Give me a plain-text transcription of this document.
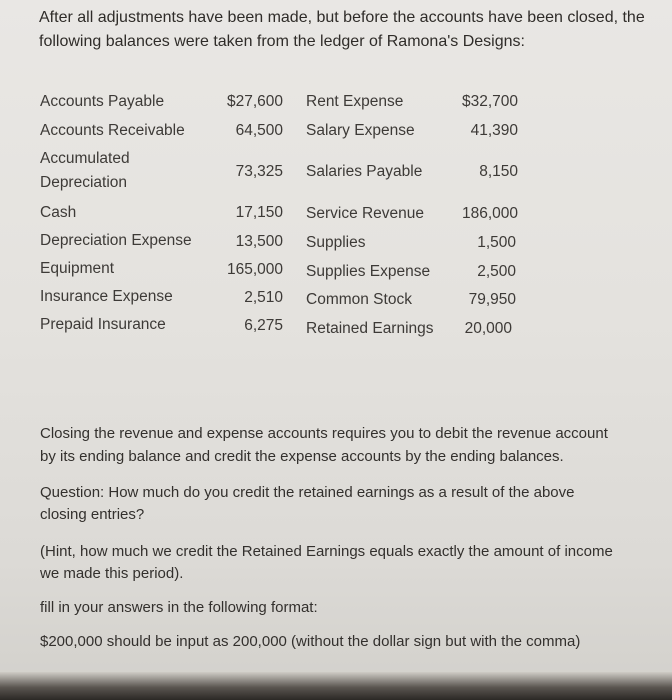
After all adjustments have been made, but before the accounts have been closed, the
following balances were taken from the ledger of Ramona's Designs:
Accounts Payable
Accounts Receivable
Accumulated
Depreciation
Cash
Depreciation Expense
Equipment
Insurance Expense
Prepaid Insurance
$27,600
64,500
73,325
17,150
13,500
165,000
2,510
6,275
Rent Expense
Salary Expense
Salaries Payable
Service Revenue
Supplies
Supplies Expense
Common Stock
Retained Earnings
$32,700
41,390
8,150
186,000
1,500
2,500
79,950
20,000
Closing the revenue and expense accounts requires you to debit the revenue account
by its ending balance and credit the expense accounts by the ending balances.
Question: How much do you credit the retained earnings as a result of the above
closing entries?
(Hint, how much we credit the Retained Earnings equals exactly the amount of income
we made this period).
fill in your answers in the following format:
$200,000 should be input as 200,000 (without the dollar sign but with the comma)
